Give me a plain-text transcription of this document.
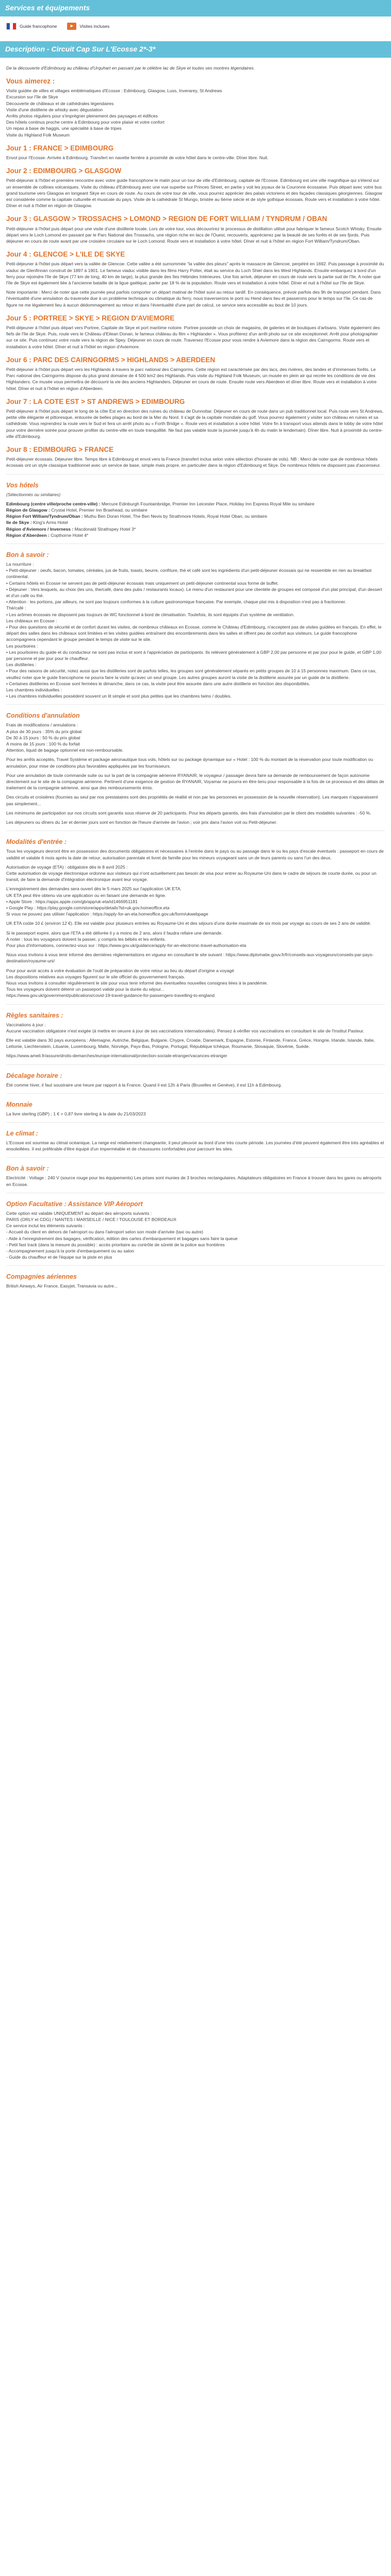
Services et équipements
Guide francophone	►	Visites incluses
Description - Circuit Cap Sur L'Ecosse 2*-3*

De la découverte d'Edimbourg au château d'Urquhart en passant par le célèbre lac de Skye et toutes ses montres légendaires.

Vous aimerez :
Visite guidée de villes et villages emblématiques d'Ecosse : Edimbourg, Glasgow, Luss, Inverarey, St Andrews
Excursion sur l'île de Skye
Découverte de châteaux et de cathédrales légendaires
Visite d'une distillerie de whisky avec dégustation
Arrêts photos réguliers pour s'imprégner pleinement des paysages et édifices
Des hôtels continus proche centre à Edimbourg pour votre plaisir et votre confort
Un repas à base de haggis, une spécialité à base de tripes
Visite du Highland Folk Museum
Jour 1 : FRANCE > EDIMBOURG

Envol pour l'Ecosse. Arrivée à Edimbourg. Transfert en navette ferrière à proximité de votre hôtel dans le centre-ville. Dîner libre. Nuit.

Jour 2 : EDIMBOURG > GLASGOW

Petit-déjeuner à l'hôtel et première rencontre avec votre guide francophone le matin pour un tour de ville d'Edimbourg, capitale de l'Ecosse. Edimbourg est une ville magnifique qui s'étend sur un ensemble de collines volcaniques. Visite du château d'Edimbourg avec une vue superbe sur Princes Street, en partie y voit les joyaux de la Couronne écossaise. Puis départ avec votre bus grand tourisme vers Glasgow en longeant Skye en cours de route. Au cours de votre tour de ville, vous pourrez apprécier des palais victoriens et des façades classiques géorgiennes. Glasgow est considérée comme la capitale culturelle et musicale du pays. Visite de la cathédrale St Mungo, bristée au 6ème siècle et de style gothique écossais. Route vers et installation à votre hôtel. Dîner et nuit à l'hôtel en région de Glasgow.

Jour 3 : GLASGOW > TROSSACHS > LOMOND > REGION DE FORT WILLIAM / TYNDRUM / OBAN

Petit-déjeuner à l'hôtel puis départ pour une visite d'une distillerie locale. Lors de votre tour, vous découvrirez le processus de distillation utilisé pour fabriquer le fameux Scotch Whisky. Ensuite départ vers le Loch Lomond en passant par le Parc National des Trossachs, une région riche en lacs de l'Ouest, recouverts, apprécierez par la beauté de ses forêts et de ses fjords. Puis déjeuner en cours de route avant par une croisière circulaire sur le Loch Lomond. Route vers et installation à votre hôtel. Dîner et nuit à l'hôtel en région Fort William/Tyndrum/Oban.

Jour 4 : GLENCOE > L'ILE DE SKYE

Petit-déjeuner à l'hôtel puis départ vers la vallée de Glencoe. Cette vallée a été surnommée "la vallée des pleurs" après le massacre de Glencoe, perpétré en 1692. Puis passage à proximité du viaduc de Glenfinnan construit de 1897 à 1901. Le fameux viaduc visible dans les films Harry Potter, était au service du Loch Shiel dans les West Highlands. Ensuite embarquez à bord d'un ferry pour rejoindre l'île de Skye (77 km de long, 40 km de large), la plus grande des îles Hébrides Intérieures. Une fois arrivé, déjeuner en cours de route vers la partie sud de l'île. A noter que l'île de Skye est également liée à l'ancienne bataille de la ligue gaélique, parler par 18 % de la population. Route vers et installation à votre hôtel. Dîner et nuit à l'hôtel sur l'île de Skye.

Note importante : Merci de noter que cette journée peut parfois comporter un départ matinal de l'hôtel suivi au retour tardif. En conséquence, prévoir parfois des 9h de transport pendant. Dans l'éventualité d'une annulation du traversée due à un problème technique ou climatique du ferry, nous traverserons le pont ou Hend dans lieu et passerons pour le temps sur l'île. Ce cas de figure ne me légalement lieu à aucun dédommagement au retour et dans l'éventualité d'une part de calcul, ce service sera accessible au bout de 10 jours.

Jour 5 : PORTREE > SKYE > REGION D'AVIEMORE

Petit-déjeuner à l'hôtel puis départ vers Portree, Capitale de Skye et port maritime notoire. Portree possède un choix de magasins, de galeries et de boutiques d'artisans. Visite également des fiefs de l'île de Skye. Puis, route vers le Château d'Eilean Donan, le fameux château du film « Highlander ». Vous profiterez d'un arrêt photo sur ce site exceptionnel. Arrêt pour photographier sur ce site. Puis continuez votre route vers la région de Spey. Déjeuner en cours de route. Traversez l'Ecosse pour vous rendre à Aviemore dans la région des Cairngorms. Route vers et installation à votre hôtel. Dîner et nuit à l'hôtel en région d'Aviemore.

Jour 6 : PARC DES CAIRNGORMS > HIGHLANDS > ABERDEEN

Petit-déjeuner à l'hôtel puis départ vers les Highlands à travers le parc national des Cairngorms. Cette région est caractérisée par des lacs, des rivières, des landes et d'immenses forêts. Le Parc national des Cairngorms dispose du plus grand domaine de 4 500 km2 des Highlands. Puis visite du Highland Folk Museum, un musée en plein air qui recrée les conditions de vie des Highlanders. Ce musée vous permettra de découvrir la vie des anciens Highlanders. Déjeuner en cours de route. Ensuite route vers Aberdeen et dîner libre. Route vers et installation à votre hôtel. Dîner et nuit à l'hôtel en région d'Aberdeen.

Jour 7 : LA COTE EST > ST ANDREWS > EDIMBOURG

Petit-déjeuner à l'hôtel puis départ le long de la côte Est en direction des ruines du château de Dunnottar. Déjeuner en cours de route dans un pub traditionnel local. Puis route vers St Andrews, petite ville élégante et pittoresque, entourée de belles plages au bord de la Mer du Nord. Il s'agit de la capitale mondiale du golf. Vous pourrez également y visiter son château en ruines et sa cathédrale. Vous reprendrez la route vers le Sud et fera un arrêt photo au « Forth Bridge ». Route vers et installation à votre hôtel. Votre fin à transport vous attends dans le lobby de votre hôtel pour votre dernière soirée pour prouver profiter du centre-ville en toute tranquillité. Ne faut pas valable toute la journée jusqu'à 4h du matin le lendemain). Dîner libre. Nuit à proximité du centre-ville d'Edimbourg.

Jour 8 : EDIMBOURG > FRANCE

Petit-déjeuner écossais. Déjeuner libre. Temps libre à Edimbourg et envol vers la France (transfert inclus selon votre sélection d'horaire de vols). NB : Merci de noter que de nombreux hôtels écossais ont un style classique traditionnel avec un service de base, simple mais propre, en particulier dans la région d'Edimbourg et Skye. De nombreux hôtels ne disposent pas d'ascenseur.

Vos hôtels

(Sélectionnés ou similaires)

Edimbourg (centre ville/proche centre-ville) : Mercure Edinburgh Fountainbridge, Premier Inn Leicester Place, Holiday Inn Express Royal Mile ou similaire
Région de Glasgow : Crystal Hotel, Premier Inn Braehead, ou similaire
Région Fort William/Tyndrum/Oban : Muthu Ben Doran Hotel, The Ben Nevis by Strathmore Hotels, Royal Hotel Oban, ou similaire
Ile de Skye : King's Arms Hotel
Région d'Aviemore / Inverness : Macdonald Strathspey Hotel 3*
Région d'Aberdeen : Copthorne Hotel 4*
Bon à savoir :
La nourriture :
• Petit-déjeuner : oeufs, bacon, tomates, céréales, jus de fruits, toasts, beurre, confiture, thé et café sont les ingrédients d'un petit-déjeuner écossais qui ne ressemble en rien au breakfast continental.
• Certains hôtels en Ecosse ne servent pas de petit-déjeuner écossais mais uniquement un petit-déjeuner continental sous forme de buffet.
• Déjeuner : Vers lesquels, au choix (les uns, the/café, dans des pubs / restaurants locaux). Le menu d'un restaurant pour une clientèle de groupes est composé d'un plat principal, d'un dessert et d'un café ou thé.
• Attention : les portions, par ailleurs, ne sont pas toujours conformes à la culture gastronomique française. Par exemple, chaque plat mis à disposition n'est pas à fractionner.
Thé/café :
• Les arômes écossais ne disposent pas toujours de WC fonctionnel à bord de climatisation. Toutefois, ils sont équipés d'un système de ventilation.
Les châteaux en Ecosse :
• Pour des questions de sécurité et de confort durant les visites, de nombreux châteaux en Ecosse, comme le Château d'Edimbourg, n'acceptent pas de visites guidées en français. En effet, le départ des salles dans les châteaux sont limitées et les visites guidées entraînent des encombrements dans les salles et offrent peu de confort aux visiteurs. Le guide francophone accompagnera cependant le groupe pendant le temps de visite sur le site.
Les pourboires :
• Les pourboires du guide et du conducteur ne sont pas inclus et sont à l'appréciation de participants. Ils relèvent généralement à GBP 2,00 par personne et par jour pour le guide, et GBP 1,00 par personne et par jour pour le chauffeur.
Les distilleries :
• Pour des raisons de sécurité, notez aussi que les distilleries sont de parfois telles, les groupes sont généralement séparés en petits groupes de 10 à 15 personnes maximum. Dans ce cas, veuillez noter que le guide francophone ne pourra faire la visite qu'avec un seul groupe. Les autres groupes auront la visite de la distillerie assurée par un guide de la distillerie.
• Certaines distilleries en Ecosse sont fermées le dimanche, dans ce cas, la visite peut être assurée dans une autre distillerie en fonction des disponibilités.
Les chambres individuelles :
• Les chambres individuelles possèdent souvent un lit simple et sont plus petites que les chambres twins / doubles.
Conditions d'annulation
Frais de modifications / annulations :
A plus de 30 jours : 35% du prix global
De 30 à 15 jours : 50 % du prix global
A moins de 15 jours : 100 % du forfait

Attention, liquid de bagage optionnel est non-remboursable.

Pour les arrêts acceptés, Travel Système et package aéronautique tous vols, hôtels sur ou package dynamique sur « Hotel : 100 % du montant de la réservation pour toute modification ou annulation, pour mise de conditions plus favorables appliquées par les fournisseurs.

Pour une annulation de toute commande suite ou sur la part de la compagnie aérienne RYANAIR, le voyageur / passager devra faire sa demande de remboursement de façon autonome directement sur le site de la compagnie aérienne. Pertinent d'une exigence de gestion de RYANAIR, Voyamar ne pourra en être tenu pour responsable à la fois de ce processus et des délais de traitement de la compagnie aérienne, ainsi que des remboursements émis.

Des circuits et croisières (fournies au seul par nos prestataires sont des propriétés de réalité et non par les personnes en possession de la nouvelle réservation). Les marques n'apparaissent pas simplement...

Les minimums de participation sur nos circuits sont garantis sous réserve de 20 participants. Pour les départs garantis, des frais d'annulation par le client des modalités suivantes : -50 %.

Les déjeuners ou dîners du 1er et dernier jours sont en fonction de l'heure d'arrivée de l'avion ; voir prix dans l'avion voit ou Petit-déjeuner.

Modalités d'entrée :

Tous les voyageurs devront être en possession des documents obligatoires et nécessaires à l'entrée dans le pays ou au passage dans le ou les pays d'escale éventuels : passeport en cours de validité et valable 6 mois après la date de retour, autorisation parentale et livret de famille pour les mineurs voyageant sans un de leurs parents ou sans l'un des deux.

Autorisation de voyage (ETA) : obligatoire dès le 8 avril 2025 :

Cette autorisation de voyage électronique ordonne aux visiteurs qui n'ont actuellement pas besoin de visa pour entrer au Royaume-Uni dans le cadre de séjours de courte durée, ou pour un transit, de faire la demande d'intégration électronique avant leur voyage.

L'enregistrement des demandes sera ouvert dès le 5 mars 2025 sur l'application UK ETA.
UK ETA peut être obtenu via une application ou en faisant une demande en ligne.
• Apple Store : https://apps.apple.com/gb/app/uk-eta/id1466951181
• Google Play : https://play.google.com/store/apps/details?id=uk.gov.homeoffice.eta

Si vous ne pouvez pas utiliser l'application : https://apply-for-an-eta.homeoffice.gov.uk/form/ukwebpage

UK ETA coûte 10 £ (environ 12 €). Elle est valable pour plusieurs entrées au Royaume-Uni et des séjours d'une durée maximale de six mois par voyage au cours de ses 2 ans de validité.

Si le passeport expire, alors que l'ETA a été délivrée il y a moins de 2 ans, alors il faudra refaire une demande.
A noter : tous les voyageurs doivent la passer, y compris les bébés et les enfants.

Pour plus d'informations, connectez-vous sur : https://www.gov.uk/guidance/apply-for-an-electronic-travel-authorisation-eta

Nous vous invitons à vous tenir informé des dernières réglementations en vigueur en consultant le site suivant : https://www.diplomatie.gouv.fr/fr/conseils-aux-voyageurs/conseils-par-pays-destination/royaume-uni/

Pour pour avoir accès à votre évaluation de l'outil de préparation de votre retour au lieu du départ d'origine a voyagé
Les dispositions relatives aux voyages figurent sur le site officiel du gouvernement français.
Nous vous invitons à consulter régulièrement le site pour vous tenir informé des éventuelles nouvelles consignes liées à la pandémie.
Tous les voyageurs doivent détenir un passeport valide pour la durée du séjour...
https://www.gov.uk/government/publications/covid-19-travel-guidance-for-passengers-travelling-to-england
Règles sanitaires :
Vaccinations à jour :

Aucune vaccination obligatoire n'est exigée (à mettre en oeuvre à jour de ses vaccinations internationales). Pensez à vérifier vos vaccinations en consultant le site de l'Institut Pasteur.

Elle est valable dans 30 pays européens : Allemagne, Autriche, Belgique, Bulgarie, Chypre, Croatie, Danemark, Espagne, Estonie, Finlande, France, Grèce, Hongrie, Irlande, Islande, Italie, Lettonie, Liechtenstein, Lituanie, Luxembourg, Malte, Norvège, Pays-Bas, Pologne, Portugal, République tchèque, Roumanie, Slovaquie, Slovénie, Suède.

https://www.ameli.fr/assure/droits-demarches/europe-international/protection-sociale-etranger/vacances-etranger
Décalage horaire :

Été comme hiver, il faut soustraire une heure par rapport à la France. Quand il est 12h à Paris (Bruxelles et Genève), il est 11h à Edimbourg.

Monnaie

La livre sterling (GBP) ; 1 € = 0,87 livre sterling à la date du 21/03/2023

Le climat :

L'Ecosse est soumise au climat océanique. La neige est relativement changeante, il peut pleuvoir au bord d'une très courte période. Les journées d'été peuvent également être très agréables et ensoleillées. Il est préférable d'être équipé d'un imperméable et de chaussures confortables pour parcourir les sites.

Bon à savoir :

Electricité : Voltage : 240 V (source rouge pour les équipements) Les prises sont munies de 3 broches rectangulaires. Adaptateurs obligatoires en France à trouver dans les gares ou aéroports en Ecosse.

Option Facultative : Assistance VIP Aéroport
Cette option est valable UNIQUEMENT au départ des aéroports suivants :
PARIS (ORLY et CDG) / NANTES / MARSEILLE / NICE / TOULOUSE ET BORDEAUX
Ce service inclut les éléments suivants :
- Accueil du client en dehors de l'aéroport ou dans l'aéroport selon son mode d'arrivée (taxi ou autre)
- Aide à l'enregistrement des bagages, vérification, édition des cartes d'embarquement et bagages sans faire la queue
- Petit fast track (dans la mesure du possible) : accès prioritaire au contrôle de sûreté de la police aux frontières
- Accompagnement jusqu'à la porte d'embarquement ou au salon
- Guide du chauffeur et de l'équipe sur la piste en plus
Compagnies aériennes

British Airways, Air France, Easyjet, Transavia ou autre...
